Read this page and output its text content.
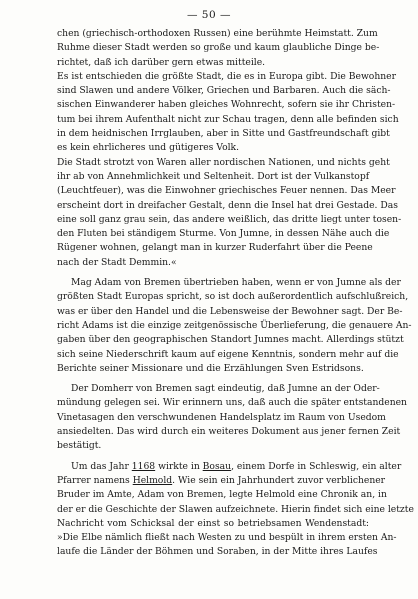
— 50 —
chen (griechisch-orthodoxen Russen) eine berühmte Heimstatt. Zum
Ruhme dieser Stadt werden so große und kaum glaubliche Dinge be-
richtet, daß ich darüber gern etwas mitteile.
Es ist entschieden die größte Stadt, die es in Europa gibt. Die Bewohner
sind Slawen und andere Völker, Griechen und Barbaren. Auch die säch-
sischen Einwanderer haben gleiches Wohnrecht, sofern sie ihr Christen-
tum bei ihrem Aufenthalt nicht zur Schau tragen, denn alle befinden sich
in dem heidnischen Irrglauben, aber in Sitte und Gastfreundschaft gibt
es kein ehrlicheres und gütigeres Volk.
Die Stadt strotzt von Waren aller nordischen Nationen, und nichts geht
ihr ab von Annehmlichkeit und Seltenheit. Dort ist der Vulkanstopf
(Leuchtfeuer), was die Einwohner griechisches Feuer nennen. Das Meer
erscheint dort in dreifacher Gestalt, denn die Insel hat drei Gestade. Das
eine soll ganz grau sein, das andere weißlich, das dritte liegt unter tosen-
den Fluten bei ständigem Sturme. Von Jumne, in dessen Nähe auch die
Rügener wohnen, gelangt man in kurzer Ruderfahrt über die Peene
nach der Stadt Demmin.«
Mag Adam von Bremen übertrieben haben, wenn er von Jumne als der
größten Stadt Europas spricht, so ist doch außerordentlich aufschlußreich,
was er über den Handel und die Lebensweise der Bewohner sagt. Der Be-
richt Adams ist die einzige zeitgenössische Überlieferung, die genauere An-
gaben über den geographischen Standort Jumnes macht. Allerdings stützt
sich seine Niederschrift kaum auf eigene Kenntnis, sondern mehr auf die
Berichte seiner Missionare und die Erzählungen Sven Estridsons.
Der Domherr von Bremen sagt eindeutig, daß Jumne an der Oder-
mündung gelegen sei. Wir erinnern uns, daß auch die später entstandenen
Vinetasagen den verschwundenen Handelsplatz im Raum von Usedom
ansiedelten. Das wird durch ein weiteres Dokument aus jener fernen Zeit
bestätigt.
Um das Jahr 1168 wirkte in Bosau, einem Dorfe in Schleswig, ein alter
Pfarrer namens Helmold. Wie sein ein Jahrhundert zuvor verblichener
Bruder im Amte, Adam von Bremen, legte Helmold eine Chronik an, in
der er die Geschichte der Slawen aufzeichnete. Hierin findet sich eine letzte
Nachricht vom Schicksal der einst so betriebsamen Wendenstadt:
»Die Elbe nämlich fließt nach Westen zu und bespült in ihrem ersten An-
laufe die Länder der Böhmen und Soraben, in der Mitte ihres Laufes
